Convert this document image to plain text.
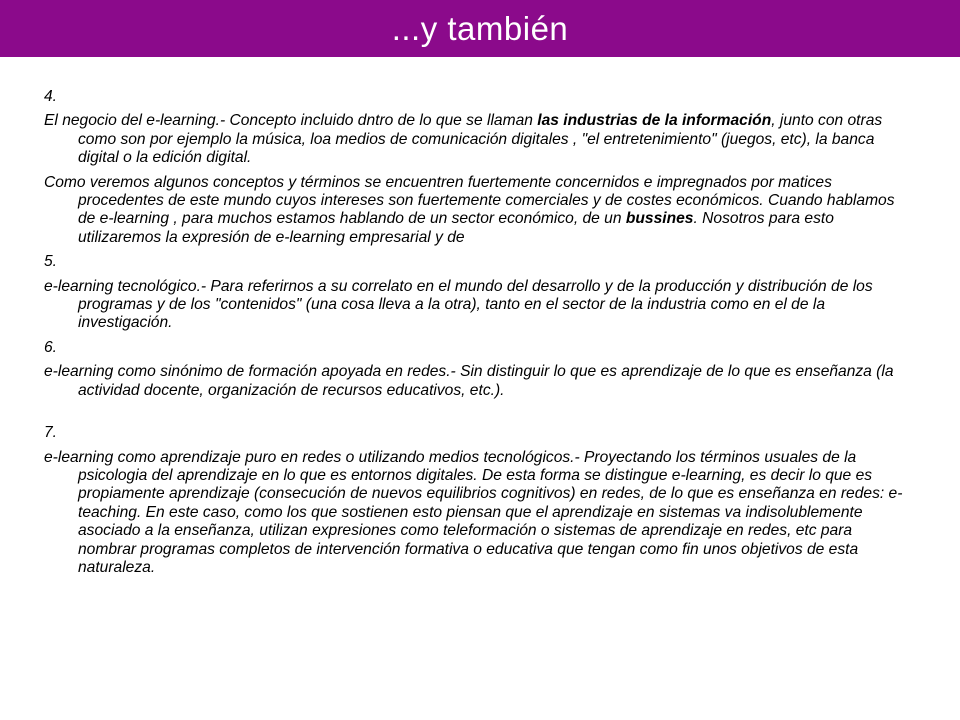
...y también

4.

El negocio del e-learning.- Concepto incluido dntro de lo que se llaman las industrias de la información, junto con otras como son por ejemplo la música, loa medios de comunicación digitales , "el entretenimiento" (juegos, etc), la banca digital o la edición digital.

Como veremos algunos conceptos y términos se encuentren fuertemente concernidos e impregnados por matices procedentes de este mundo cuyos intereses son fuertemente comerciales y de costes económicos. Cuando hablamos de e-learning , para muchos estamos hablando de un sector económico, de un bussines. Nosotros para esto utilizaremos la expresión de e-learning empresarial y de

5.

e-learning tecnológico.- Para referirnos a su correlato en el mundo del desarrollo y de la producción y distribución de los programas y de los "contenidos" (una cosa lleva a la otra), tanto en el sector de la industria como en el de la investigación.

6.

e-learning como sinónimo de formación apoyada en redes.- Sin distinguir lo que es aprendizaje de lo que es enseñanza (la actividad docente, organización de recursos educativos, etc.).

7.

e-learning como aprendizaje puro en redes o utilizando medios tecnológicos.- Proyectando los términos usuales de la psicologia del aprendizaje en lo que es entornos digitales. De esta forma se distingue e-learning, es decir lo que es propiamente aprendizaje (consecución de nuevos equilibrios cognitivos) en redes, de lo que es enseñanza en redes: e-teaching. En este caso, como los que sostienen esto piensan que el aprendizaje en sistemas va indisolublemente asociado a la enseñanza, utilizan expresiones como teleformación o sistemas de aprendizaje en redes, etc para nombrar programas completos de intervención formativa o educativa que tengan como fin unos objetivos de esta naturaleza.
